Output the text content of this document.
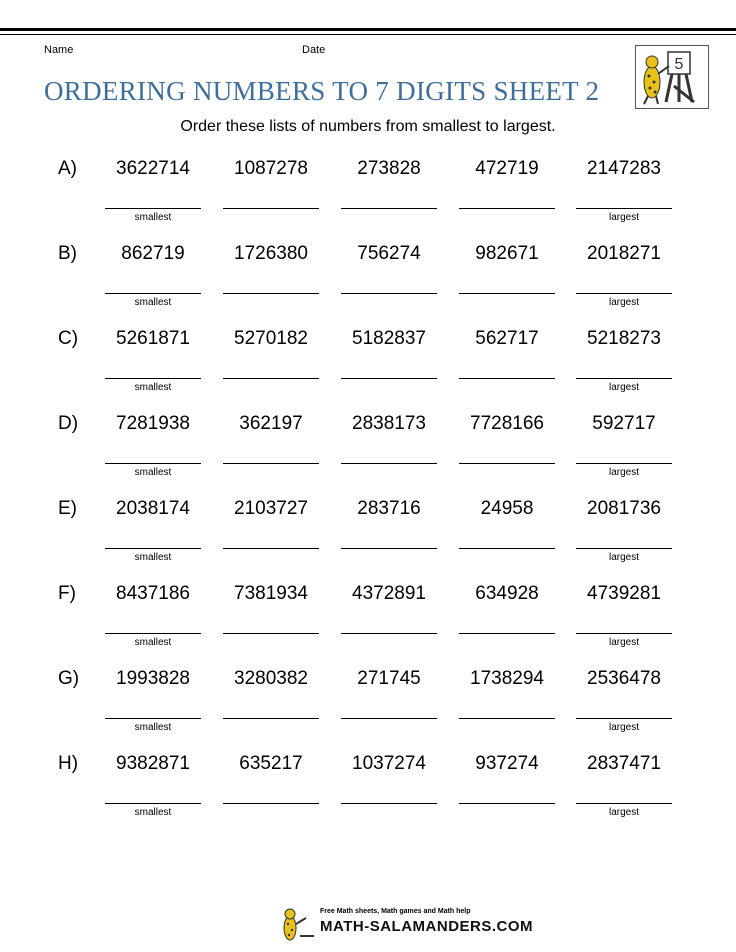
Name	Date
ORDERING NUMBERS TO 7 DIGITS SHEET 2
Order these lists of numbers from smallest to largest.
5
A)	3622714
smallest
1087278	273828	472719	2147283
largest
B)	862719
smallest
1726380	756274	982671	2018271
largest
C)	5261871
smallest
5270182	5182837	562717	5218273
largest
D)	7281938
smallest
362197	2838173	7728166	592717
largest
E)	2038174
smallest
2103727	283716	24958	2081736
largest
F)	8437186
smallest
7381934	4372891	634928	4739281
largest
G)	1993828
smallest
3280382	271745	1738294	2536478
largest
H)	9382871
smallest
635217	1037274	937274	2837471
largest
Free Math sheets, Math games and Math help
MATH-SALAMANDERS.COM
